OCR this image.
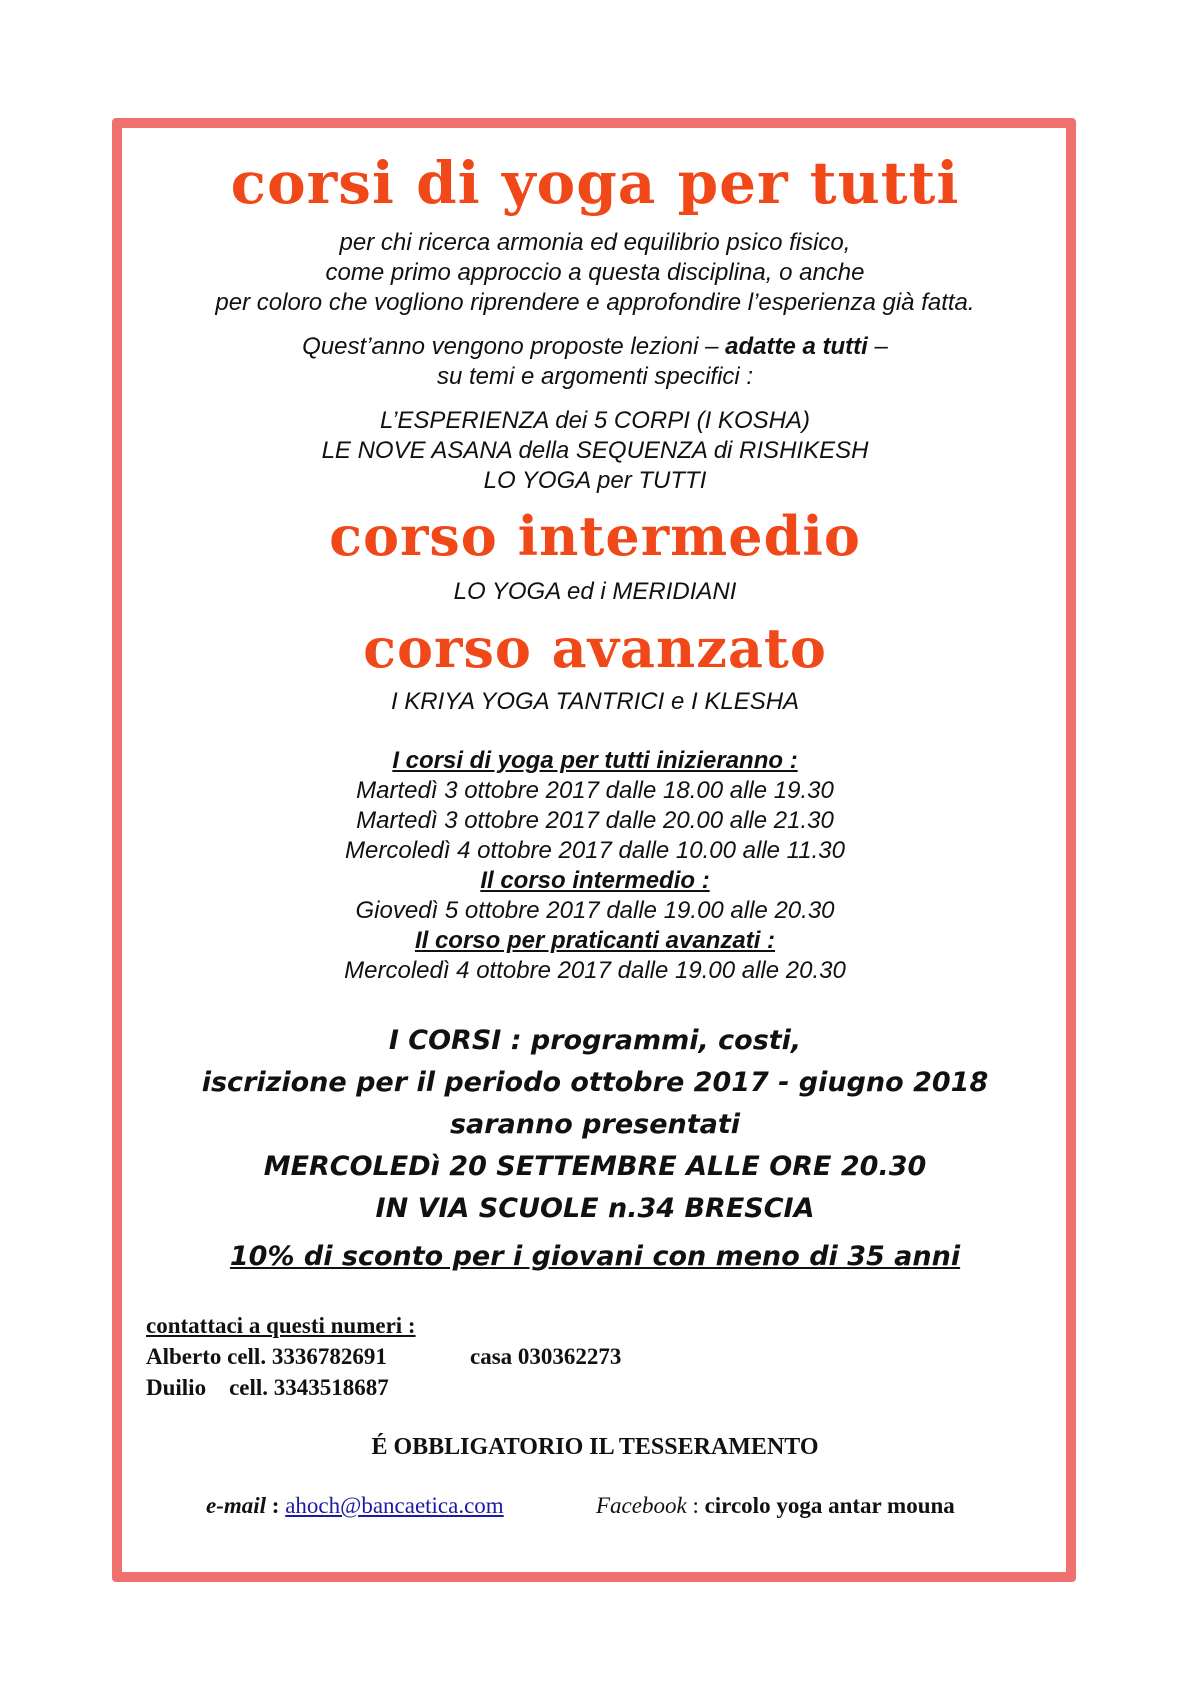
corsi di yoga per tutti
per chi ricerca armonia ed equilibrio psico fisico,
come primo approccio a questa disciplina, o anche
per coloro che vogliono riprendere e approfondire l’esperienza già fatta.
Quest’anno vengono proposte lezioni – adatte a tutti –
su temi e argomenti specifici :
L’ESPERIENZA dei 5 CORPI (I KOSHA)
LE NOVE ASANA della SEQUENZA di RISHIKESH
LO YOGA per TUTTI
corso intermedio
LO YOGA ed i MERIDIANI
corso avanzato
I KRIYA YOGA TANTRICI e I KLESHA
I corsi di yoga per tutti inizieranno :
Martedì 3 ottobre 2017 dalle 18.00 alle 19.30
Martedì 3 ottobre 2017 dalle 20.00 alle 21.30
Mercoledì 4 ottobre 2017 dalle 10.00 alle 11.30
Il corso intermedio :
Giovedì 5 ottobre 2017 dalle 19.00 alle 20.30
Il corso per praticanti avanzati :
Mercoledì 4 ottobre 2017 dalle 19.00 alle 20.30
I CORSI : programmi, costi,
iscrizione per il periodo ottobre 2017 - giugno 2018
saranno presentati
MERCOLEDì 20 SETTEMBRE ALLE ORE 20.30
IN VIA SCUOLE n.34 BRESCIA
10% di sconto per i giovani con meno di 35 anni
contattaci a questi numeri :
Alberto cell. 3336782691	casa 030362273
Duilio    cell. 3343518687
É OBBLIGATORIO IL TESSERAMENTO
e-mail : ahoch@bancaetica.com	Facebook : circolo yoga antar mouna
